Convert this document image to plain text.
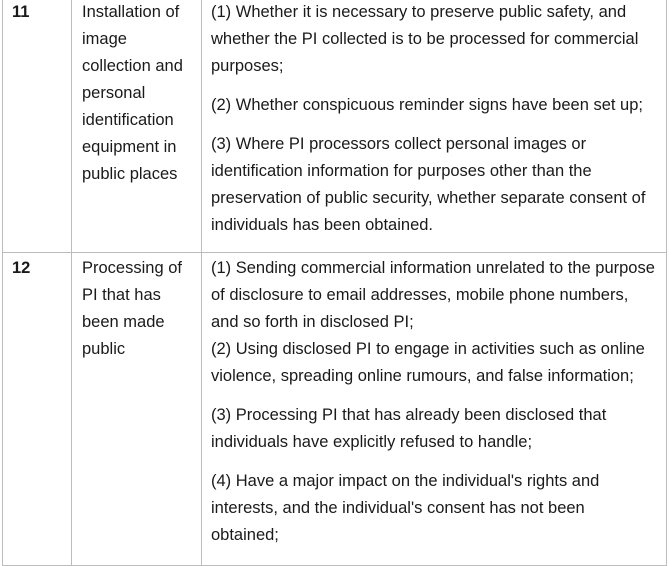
11	Installation of image collection and personal identification equipment in public places	(1) Whether it is necessary to preserve public safety, and whether the PI collected is to be processed for commercial purposes;

(2) Whether conspicuous reminder signs have been set up;

(3) Where PI processors collect personal images or identification information for purposes other than the preservation of public security, whether separate consent of individuals has been obtained.

12	Processing of PI that has been made public	(1) Sending commercial information unrelated to the purpose of disclosure to email addresses, mobile phone numbers, and so forth in disclosed PI;

(2) Using disclosed PI to engage in activities such as online violence, spreading online rumours, and false information;

(3) Processing PI that has already been disclosed that individuals have explicitly refused to handle;

(4) Have a major impact on the individual's rights and interests, and the individual's consent has not been obtained;
